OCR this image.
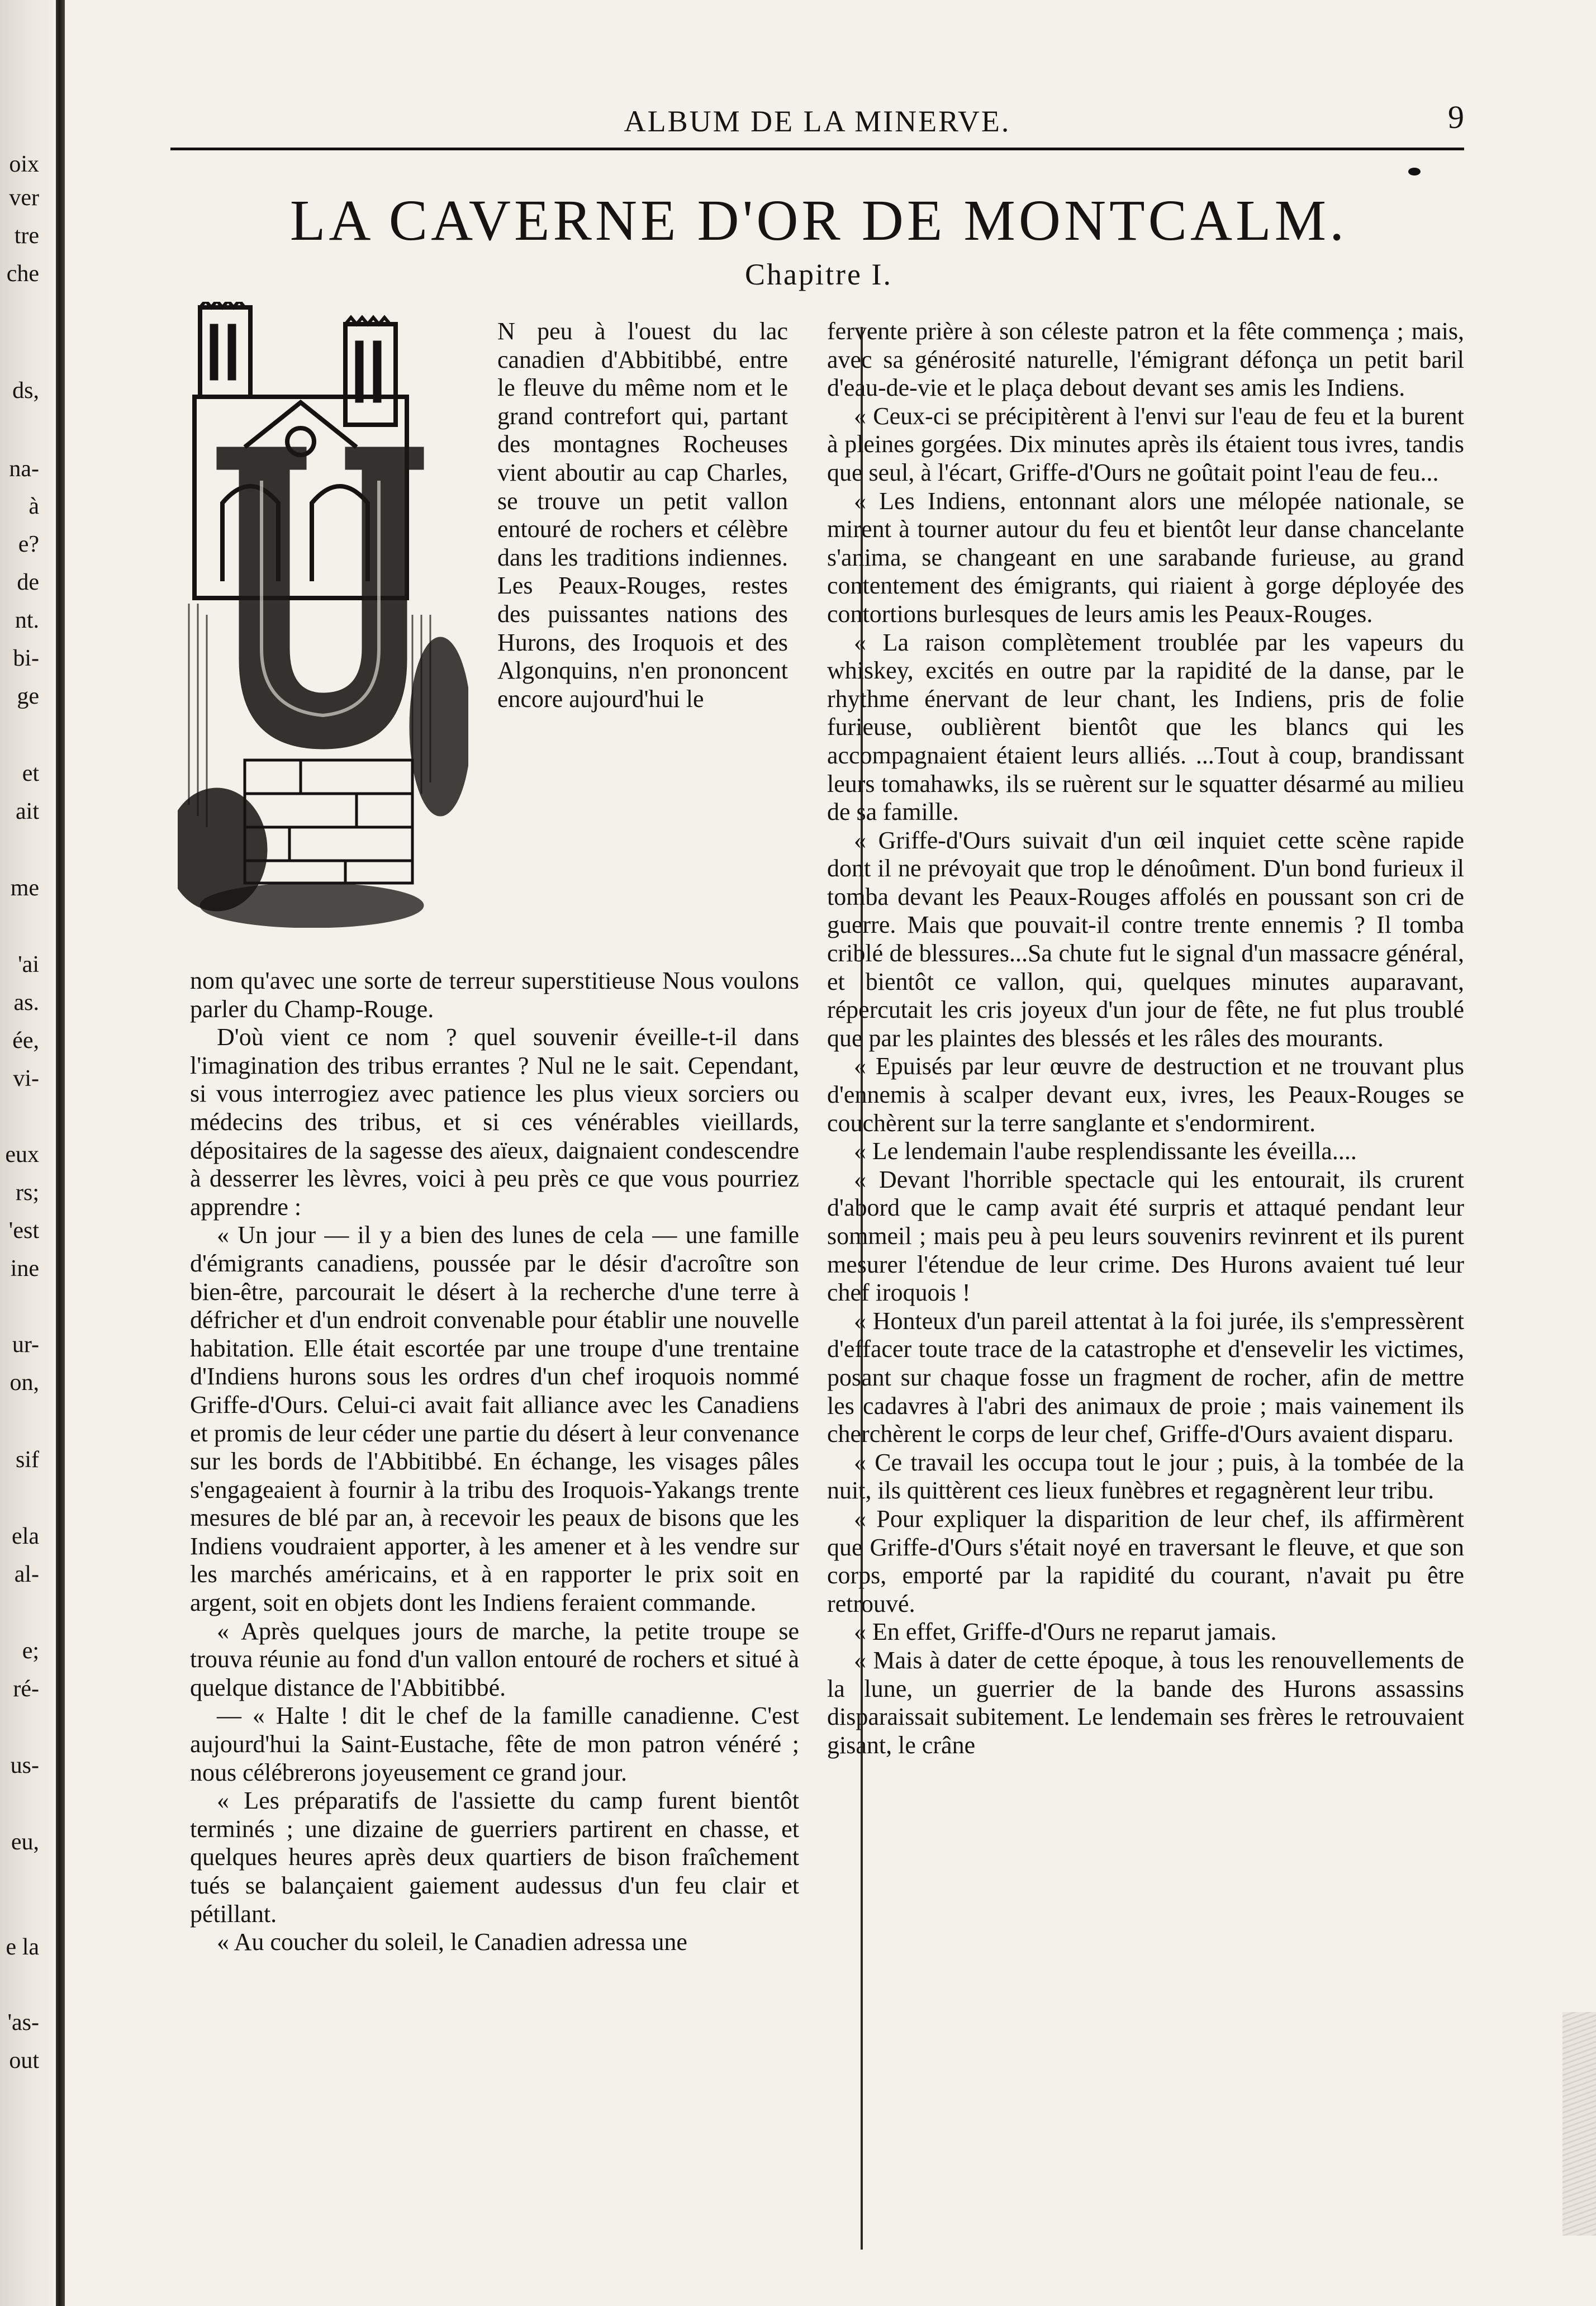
oix
ver
tre
che
ds,
na-
à
e?
de
nt.
bi-
ge
et
ait
me
'ai
as.
ée,
vi-
eux
rs;
'est
ine
ur-
on,
sif
ela
al-
e;
ré-
us-
eu,
e la
'as-
out
ALBUM DE LA MINERVE.	9
LA CAVERNE D'OR DE MONTCALM.
Chapitre I.

N peu à l'ouest du lac canadien d'Abbitibbé, entre le fleuve du même nom et le grand contrefort qui, partant des montagnes Rocheuses vient aboutir au cap Charles, se trouve un petit vallon entouré de rochers et célèbre dans les traditions indiennes. Les Peaux-Rouges, restes des puissantes nations des Hurons, des Iroquois et des Algonquins, n'en prononcent encore aujourd'hui le

nom qu'avec une sorte de terreur superstitieuse Nous voulons parler du Champ-Rouge.

D'où vient ce nom ? quel souvenir éveille-t-il dans l'imagination des tribus errantes ? Nul ne le sait. Cependant, si vous interrogiez avec patience les plus vieux sorciers ou médecins des tribus, et si ces vénérables vieillards, dépositaires de la sagesse des aïeux, daignaient condescendre à desserrer les lèvres, voici à peu près ce que vous pourriez apprendre :

« Un jour — il y a bien des lunes de cela — une famille d'émigrants canadiens, poussée par le désir d'acroître son bien-être, parcourait le désert à la recherche d'une terre à défricher et d'un endroit convenable pour établir une nouvelle habitation. Elle était escortée par une troupe d'une trentaine d'Indiens hurons sous les ordres d'un chef iroquois nommé Griffe-d'Ours. Celui-ci avait fait alliance avec les Canadiens et promis de leur céder une partie du désert à leur convenance sur les bords de l'Abbitibbé. En échange, les visages pâles s'engageaient à fournir à la tribu des Iroquois-Yakangs trente mesures de blé par an, à recevoir les peaux de bisons que les Indiens voudraient apporter, à les amener et à les vendre sur les marchés américains, et à en rapporter le prix soit en argent, soit en objets dont les Indiens feraient commande.

« Après quelques jours de marche, la petite troupe se trouva réunie au fond d'un vallon entouré de rochers et situé à quelque distance de l'Abbitibbé.

— « Halte ! dit le chef de la famille canadienne. C'est aujourd'hui la Saint-Eustache, fête de mon patron vénéré ; nous célébrerons joyeusement ce grand jour.

« Les préparatifs de l'assiette du camp furent bientôt terminés ; une dizaine de guerriers partirent en chasse, et quelques heures après deux quartiers de bison fraîchement tués se balançaient gaiement audessus d'un feu clair et pétillant.

« Au coucher du soleil, le Canadien adressa une

fervente prière à son céleste patron et la fête commença ; mais, avec sa générosité naturelle, l'émigrant défonça un petit baril d'eau-de-vie et le plaça debout devant ses amis les Indiens.

« Ceux-ci se précipitèrent à l'envi sur l'eau de feu et la burent à pleines gorgées. Dix minutes après ils étaient tous ivres, tandis que seul, à l'écart, Griffe-d'Ours ne goûtait point l'eau de feu...

« Les Indiens, entonnant alors une mélopée nationale, se mirent à tourner autour du feu et bientôt leur danse chancelante s'anima, se changeant en une sarabande furieuse, au grand contentement des émigrants, qui riaient à gorge déployée des contortions burlesques de leurs amis les Peaux-Rouges.

« La raison complètement troublée par les vapeurs du whiskey, excités en outre par la rapidité de la danse, par le rhythme énervant de leur chant, les Indiens, pris de folie furieuse, oublièrent bientôt que les blancs qui les accompagnaient étaient leurs alliés. ...Tout à coup, brandissant leurs tomahawks, ils se ruèrent sur le squatter désarmé au milieu de sa famille.

« Griffe-d'Ours suivait d'un œil inquiet cette scène rapide dont il ne prévoyait que trop le dénoûment. D'un bond furieux il tomba devant les Peaux-Rouges affolés en poussant son cri de guerre. Mais que pouvait-il contre trente ennemis ? Il tomba criblé de blessures...Sa chute fut le signal d'un massacre général, et bientôt ce vallon, qui, quelques minutes auparavant, répercutait les cris joyeux d'un jour de fête, ne fut plus troublé que par les plaintes des blessés et les râles des mourants.

« Epuisés par leur œuvre de destruction et ne trouvant plus d'ennemis à scalper devant eux, ivres, les Peaux-Rouges se couchèrent sur la terre sanglante et s'endormirent.

« Le lendemain l'aube resplendissante les éveilla....

« Devant l'horrible spectacle qui les entourait, ils crurent d'abord que le camp avait été surpris et attaqué pendant leur sommeil ; mais peu à peu leurs souvenirs revinrent et ils purent mesurer l'étendue de leur crime. Des Hurons avaient tué leur chef iroquois !

« Honteux d'un pareil attentat à la foi jurée, ils s'empressèrent d'effacer toute trace de la catastrophe et d'ensevelir les victimes, posant sur chaque fosse un fragment de rocher, afin de mettre les cadavres à l'abri des animaux de proie ; mais vainement ils cherchèrent le corps de leur chef, Griffe-d'Ours avaient disparu.

« Ce travail les occupa tout le jour ; puis, à la tombée de la nuit, ils quittèrent ces lieux funèbres et regagnèrent leur tribu.

« Pour expliquer la disparition de leur chef, ils affirmèrent que Griffe-d'Ours s'était noyé en traversant le fleuve, et que son corps, emporté par la rapidité du courant, n'avait pu être retrouvé.

« En effet, Griffe-d'Ours ne reparut jamais.

« Mais à dater de cette époque, à tous les renouvellements de la lune, un guerrier de la bande des Hurons assassins disparaissait subitement. Le lendemain ses frères le retrouvaient gisant, le crâne
